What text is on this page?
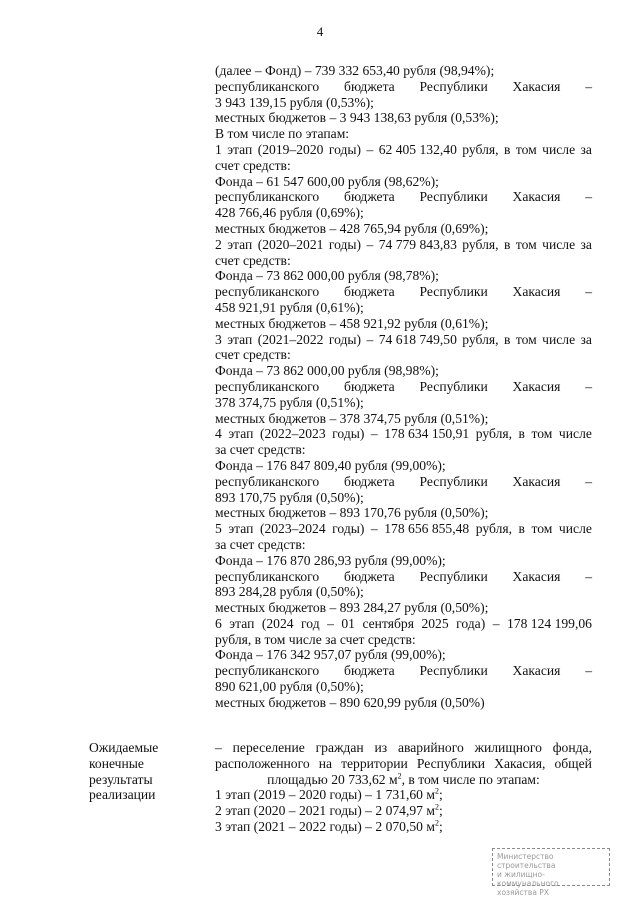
4
(далее – Фонд) – 739 332 653,40 рубля (98,94%);
республиканского бюджета Республики Хакасия –
3 943 139,15 рубля (0,53%);
местных бюджетов – 3 943 138,63 рубля (0,53%);
В том числе по этапам:
1 этап (2019–2020 годы) – 62 405 132,40 рубля, в том числе за
счет средств:
Фонда – 61 547 600,00 рубля (98,62%);
республиканского бюджета Республики Хакасия –
428 766,46 рубля (0,69%);
местных бюджетов – 428 765,94 рубля (0,69%);
2 этап (2020–2021 годы) – 74 779 843,83 рубля, в том числе за
счет средств:
Фонда – 73 862 000,00 рубля (98,78%);
республиканского бюджета Республики Хакасия –
458 921,91 рубля (0,61%);
местных бюджетов – 458 921,92 рубля (0,61%);
3 этап (2021–2022 годы) – 74 618 749,50 рубля, в том числе за
счет средств:
Фонда – 73 862 000,00 рубля (98,98%);
республиканского бюджета Республики Хакасия –
378 374,75 рубля (0,51%);
местных бюджетов – 378 374,75 рубля (0,51%);
4 этап (2022–2023 годы) – 178 634 150,91 рубля, в том числе
за счет средств:
Фонда – 176 847 809,40 рубля (99,00%);
республиканского бюджета Республики Хакасия –
893 170,75 рубля (0,50%);
местных бюджетов – 893 170,76 рубля (0,50%);
5 этап (2023–2024 годы) – 178 656 855,48 рубля, в том числе
за счет средств:
Фонда – 176 870 286,93 рубля (99,00%);
республиканского бюджета Республики Хакасия –
893 284,28 рубля (0,50%);
местных бюджетов – 893 284,27 рубля (0,50%);
6 этап (2024 год – 01 сентября 2025 года) – 178 124 199,06
рубля, в том числе за счет средств:
Фонда – 176 342 957,07 рубля (99,00%);
республиканского бюджета Республики Хакасия –
890 621,00 рубля (0,50%);
местных бюджетов – 890 620,99 рубля (0,50%)
Ожидаемые
конечные
результаты
реализации
– переселение граждан из аварийного жилищного фонда,
расположенного на территории Республики Хакасия, общей
площадью 20 733,62 $м^2$, в том числе по этапам:
1 этап (2019 – 2020 годы) – 1 731,60 $м^2$;
2 этап (2020 – 2021 годы) – 2 074,97 $м^2$;
3 этап (2021 – 2022 годы) – 2 070,50 $м^2$;
Министерство строительства
и жилищно-коммунального
хозяйства РХ
